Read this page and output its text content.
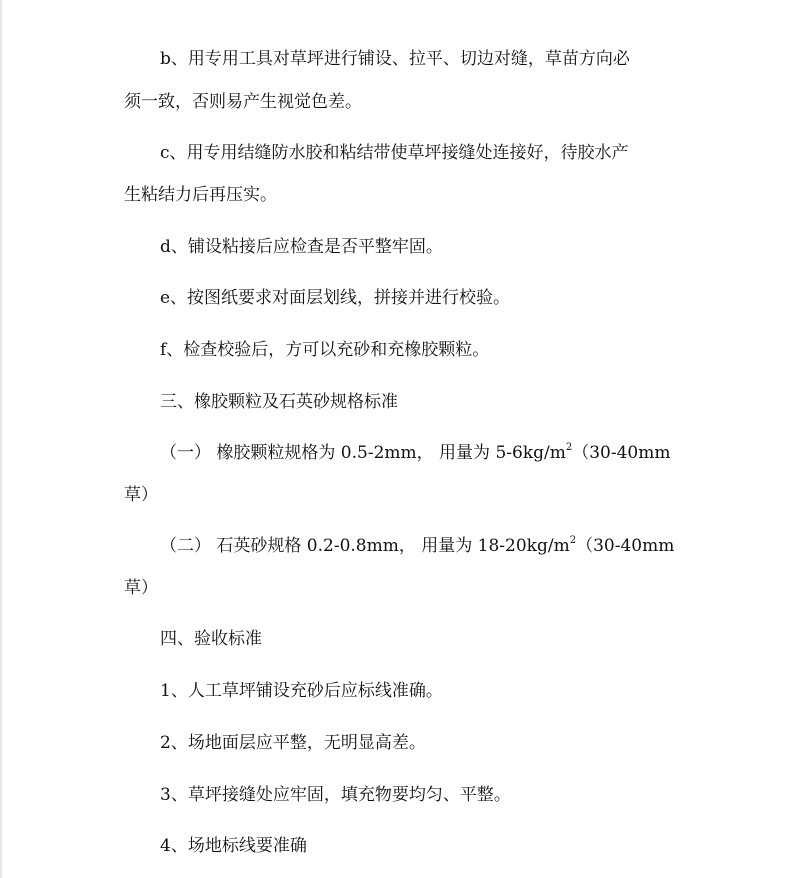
b、用专用工具对草坪进行铺设、拉平、切边对缝，草苗方向必

须一致，否则易产生视觉色差。

c、用专用结缝防水胶和粘结带使草坪接缝处连接好，待胶水产

生粘结力后再压实。

d、铺设粘接后应检查是否平整牢固。

e、按图纸要求对面层划线，拼接并进行校验。

f、检查校验后，方可以充砂和充橡胶颗粒。

三、橡胶颗粒及石英砂规格标准

（一） 橡胶颗粒规格为 0.5-2mm， 用量为 $5-6kg/m^2(30-40mm$

草）

（二） 石英砂规格 0.2-0.8mm， 用量为 $18-20kg/m^2(30-40mm$

草）

四、验收标准

1、人工草坪铺设充砂后应标线准确。

2、场地面层应平整，无明显高差。

3、草坪接缝处应牢固，填充物要均匀、平整。

4、场地标线要准确
